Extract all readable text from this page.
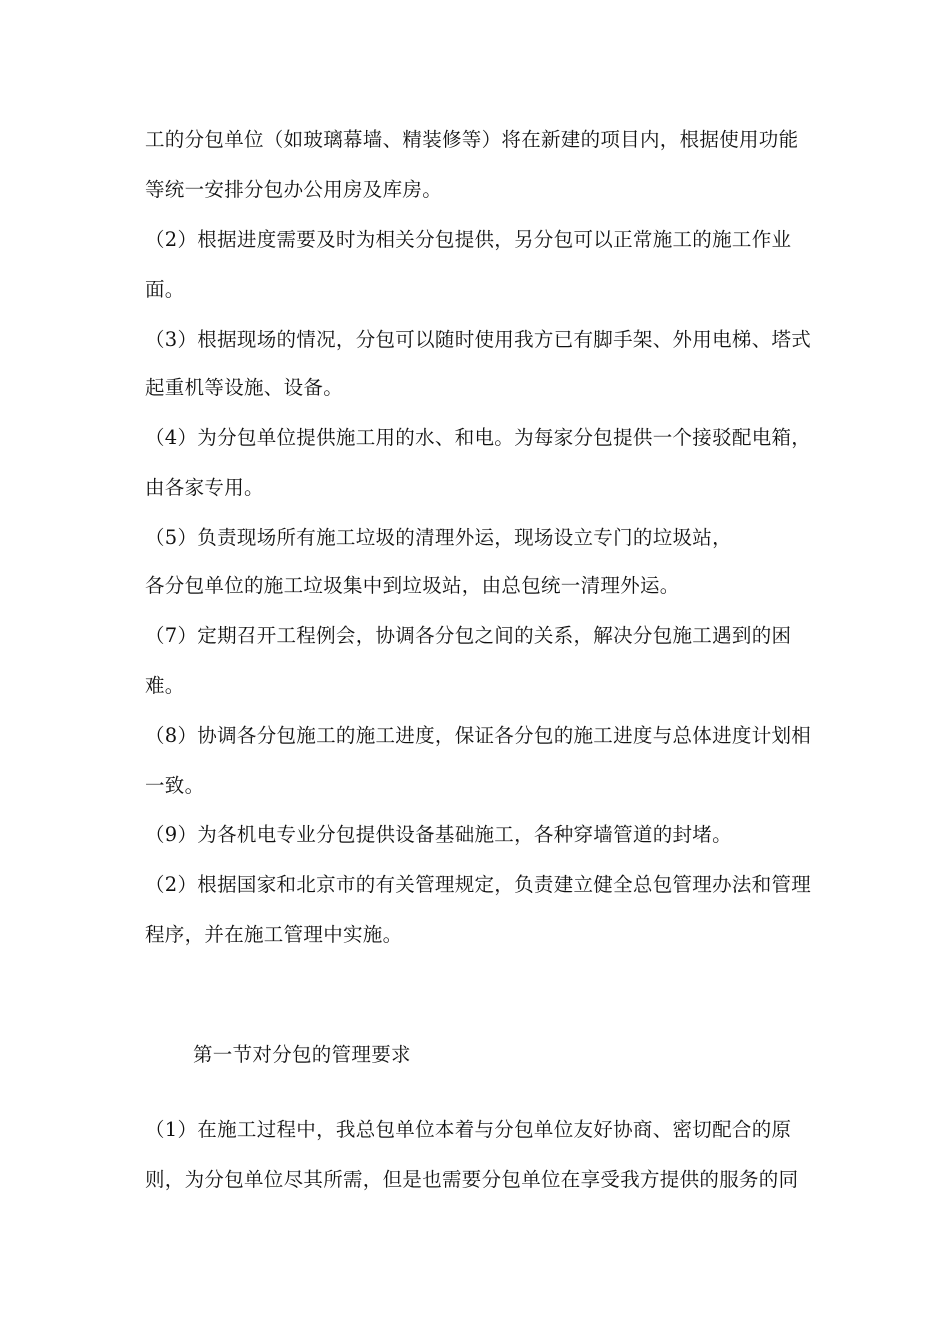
工的分包单位（如玻璃幕墙、精装修等）将在新建的项目内，根据使用功能
等统一安排分包办公用房及库房。
（2）根据进度需要及时为相关分包提供，另分包可以正常施工的施工作业
面。
（3）根据现场的情况，分包可以随时使用我方已有脚手架、外用电梯、塔式
起重机等设施、设备。
（4）为分包单位提供施工用的水、和电。为每家分包提供一个接驳配电箱，
由各家专用。
（5）负责现场所有施工垃圾的清理外运，现场设立专门的垃圾站，
各分包单位的施工垃圾集中到垃圾站，由总包统一清理外运。
（7）定期召开工程例会，协调各分包之间的关系，解决分包施工遇到的困
难。
（8）协调各分包施工的施工进度，保证各分包的施工进度与总体进度计划相
一致。
（9）为各机电专业分包提供设备基础施工，各种穿墙管道的封堵。
（2）根据国家和北京市的有关管理规定，负责建立健全总包管理办法和管理
程序，并在施工管理中实施。
第一节对分包的管理要求
（1）在施工过程中，我总包单位本着与分包单位友好协商、密切配合的原
则，为分包单位尽其所需，但是也需要分包单位在享受我方提供的服务的同
